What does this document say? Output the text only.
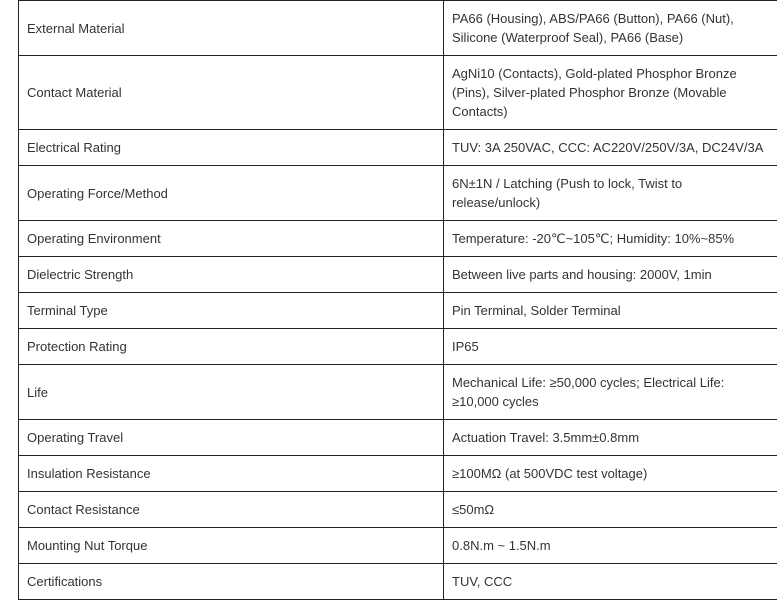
External Material	PA66 (Housing), ABS/PA66 (Button), PA66 (Nut), Silicone (Waterproof Seal), PA66 (Base)
Contact Material	AgNi10 (Contacts), Gold-plated Phosphor Bronze (Pins), Silver-plated Phosphor Bronze (Movable Contacts)
Electrical Rating	TUV: 3A 250VAC, CCC: AC220V/250V/3A, DC24V/3A
Operating Force/Method	6N±1N / Latching (Push to lock, Twist to release/unlock)
Operating Environment	Temperature: -20℃~105℃; Humidity: 10%~85%
Dielectric Strength	Between live parts and housing: 2000V, 1min
Terminal Type	Pin Terminal, Solder Terminal
Protection Rating	IP65
Life	Mechanical Life: ≥50,000 cycles; Electrical Life: ≥10,000 cycles
Operating Travel	Actuation Travel: 3.5mm±0.8mm
Insulation Resistance	≥100MΩ (at 500VDC test voltage)
Contact Resistance	≤50mΩ
Mounting Nut Torque	0.8N.m ~ 1.5N.m
Certifications	TUV, CCC
